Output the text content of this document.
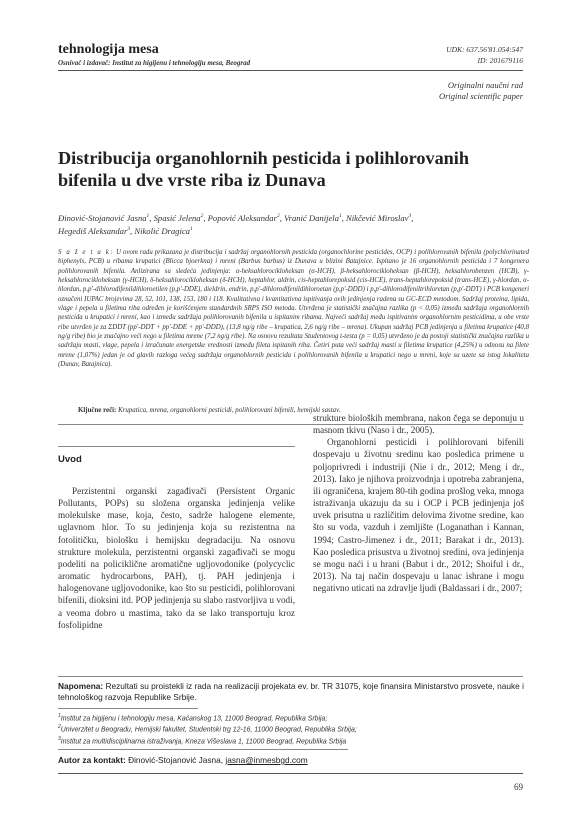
tehnologija mesa
Osnivač i izdavač: Institut za higijenu i tehnologiju mesa, Beograd
UDK: 637.56'81.054:547
ID: 201679116
Originalni naučni rad
Original scientific paper
Distribucija organohlornih pesticida i polihlorovanih bifenila u dve vrste riba iz Dunava
Đinović-Stojanović Jasna$^1$, Spasić Jelena$^2$, Popović Aleksandar$^2$, Vranić Danijela$^1$, Nikčević Miroslav$^3$,
Hegediš Aleksandar$^3$, Nikolić Dragica$^1$
S a ž e t a k: U ovom radu prikazana je distribucija i sadržaj organohlornih pesticida (organochlorine pesticides, OCP) i polihlorovanih bifenila (polychlorinated biphenyls, PCB) u ribama krupatici (Blicca bjoerkna) i mreni (Barbus barbus) iz Dunava u blizini Batajnice. Ispitano je 16 organohlornih pesticida i 7 kongenera polihlorovanih bifenila. Anlizirana su sledeća jedinjenja: α-heksahlorocikloheksan (α-HCH), β-heksahlorocikloheksan (β-HCH), heksahlorobenzen (HCB), γ-heksahlorocikloheksan (γ-HCH), δ-heksahlorocikloheksan (δ-HCH), heptahlor, aldrin, cis-heptahlorepoksid (cis-HCE), trans-heptahlorepoksid (trans-HCE), γ-hlordan, α-hlordan, p,p'-dihlorodifenildihloroetilen (p,p'-DDE), dieldrin, endrin, p,p'-dihlorodifenildihloroetan (p,p'-DDD) i p,p'-dihlorodifeniltrihloretan (p,p'-DDT) i PCB kongeneri označeni IUPAC brojevima 28, 52, 101, 138, 153, 180 i 118. Kvalitativna i kvantitativna ispitivanja ovih jedinjenja radena su GC-ECD metodom. Sadržaj proteina, lipida, vlage i pepela u filetima riba određen je korišćenjem standardnih SRPS ISO metoda. Utvrđena je statistički značajna razlika (p < 0,05) između sadržaja organohlornih pesticida u krupatici i mreni, kao i između sadržaja polihlorovanih bifenila u ispitanim ribama. Najveći sadržaj među ispitivanim organohlornim pesticidima, u obe vrste ribe utvrđen je za ΣDDT (pp'-DDT + pp'-DDE + pp'-DDD), (13,8 ng/g ribe – krupatica, 2,6 ng/g ribe – mrena). Ukupan sadržaj PCB jedinjenja u filetima krupatice (40,8 ng/g ribe) bio je značajno veći nego u filetima mrene (7,2 ng/g ribe). Na osnovu rezultata Studentovog t-testa (p = 0,05) utvrđeno je da postoji statistički značajna razlika u sadržaju masti, vlage, pepela i izračunate energetske vrednosti između fileta ispitanih riba. Četiri puta veći sadržaj masti u filetima krupatice (4,25%) u odnosu na filete mrene (1,07%) jedan je od glavih razloga većeg sadržaja organohlornih pesticida i polihlorovanih bifenila u krupatici nego u mreni, koje su uzete sa istog lokaliteta (Dunav, Batajnica).
Ključne reči: Krupatica, mrena, organohlorni pesticidi, polihlorovani bifenili, hemijski sastav.
Uvod

Perzistentni organski zagađivači (Persistent Organic Pollutants, POPs) su složena organska jedinjenja velike molekulske mase, koja, često, sadrže halogene elemente, uglavnom hlor. To su jedinjenja koja su rezistentna na fotolitičku, biološku i hemijsku degradaciju. Na osnovu strukture molekula, perzistentni organski zagađivači se mogu podeliti na policiklične aromatične ugljovodonike (polycyclic aromatic hydrocarbons, PAH), tj. PAH jedinjenja i halogenovane ugljovodonike, kao što su pesticidi, polihlorovani bifenili, dioksini itd. POP jedinjenja su slabo rastvorljiva u vodi, a veoma dobro u mastima, tako da se lako transportuju kroz fosfolipidne

strukture bioloških membrana, nakon čega se deponuju u masnom tkivu (Naso i dr., 2005).

Organohlorni pesticidi i polihlorovani bifenili dospevaju u životnu sredinu kao posledica primene u poljoprivredi i industriji (Nie i dr., 2012; Meng i dr., 2013). Iako je njihova proizvodnja i upotreba zabranjena, ili ograničena, krajem 80-tih godina prošlog veka, mnoga istraživanja ukazuju da su i OCP i PCB jedinjenja još uvek prisutna u različitim delovima životne sredine, kao što su voda, vazduh i zemljište (Loganathan i Kannan, 1994; Castro-Jimenez i dr., 2011; Barakat i dr., 2013). Kao posledica prisustva u životnoj sredini, ova jedinjenja se mogu naći i u hrani (Babut i dr., 2012; Shoiful i dr., 2013). Na taj način dospevaju u lanac ishrane i mogu negativno uticati na zdravlje ljudi (Baldassari i dr., 2007;

Napomena: Rezultati su proistekli iz rada na realizaciji projekata ev. br. TR 31075, koje finansira Ministarstvo prosvete, nauke i tehnološkog razvoja Republike Srbije.
$^1$Institut za higijenu i tehnologiju mesa, Kaćanskog 13, 11000 Beograd, Republika Srbija;
$^2$Univerzitet u Beogradu, Hemijski fakultet, Studentski trg 12-16, 11000 Beograd, Republika Srbija;
$^3$Institut za multidisciplinarna istraživanja, Kneza Višeslava 1, 11000 Beograd, Republika Srbija
Autor za kontakt: Đinović-Stojanović Jasna, jasna@inmesbgd.com
69
